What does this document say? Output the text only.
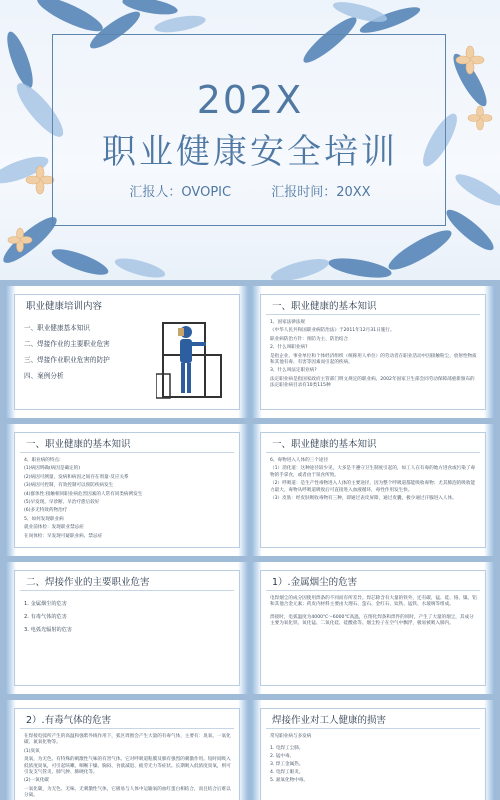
202X
职业健康安全培训
汇报人：OVOPIC	汇报时间：20XX
职业健康培训内容
一、职业健康基本知识
二、焊接作业的主要职业危害
三、焊接作业职业危害的防护
四、案例分析
一、职业健康的基本知识

1、国家法律法规

《中华人民共和国职业病防治法》于2011年12月31日施行。

职业病防治方针：预防为主、防治结合

2、什么叫职业病?

是指企业、事业单位和个体经济组织（统称用人单位）的劳动者在职业活动中因接触粉尘、放射性物质和其他有毒、有害等因素而引起的疾病。

3、什么叫法定职业病?

法定职业病是指国家政府主管部门明文规定的职业病。2002年国家卫生部会同劳动保障部重新颁布的法定职业病目录有10类115种

一、职业健康的基本知识

4、职业病的特点:

(1)病因明确(病因是确定的)

(2)病因可测量，发病和病因之间存在剂量-反应关系

(3)病因可控制，有效控制可以预防疾病发生

(4)群体性:接触相同职业病危害因素的人常有同类病例发生

(5)早发现、早诊断、早治疗愈后较好

(6)多无特效药物治疗

5、如何发现职业病

就业前体检：发现职业禁忌症

在岗体检：早发现可疑职业病、禁忌症

一、职业健康的基本知识

6、毒物进入人体的三个途径

（1）消化道：这种途径较少见，大多是不遵守卫生制度引起的，如工人在有毒的地方进食或污染了毒物的手拿食，或者由于误食所致。

（2）呼吸道：是生产性毒物进入人体的主要途径，因为整个呼吸道都能吸收毒物；尤其肺泡的吸收能力最大，毒物从呼吸道吸收后可直接进入血液循环，毒性作用发生快。

（3）皮肤：经皮肤吸收毒物有三种，即通过表皮屏障，通过皮囊，极少通过汗腺进入人体。

二、焊接作业的主要职业危害
1. 金属烟尘的危害
2. 有毒气体的危害
3. 电弧光辐射的危害
1）.金属烟尘的危害

电焊烟尘的成分因使用焊条的不同而有所差异。焊芯除含有大量的铁外，还有碳、锰、硅、铬、镍、铝和其他合金元素；药皮内材料主要由大理石、萤石、金红石、钛铁、锰铁、水玻璃等组成。

焊接时，电弧温度为4000℃～6000℃高温，在熔化焊条和焊件的同时，产生了大量的烟尘，其成分主要为氧化铁、氧化锰、二氧化硅、硅酸盐等。烟尘粒子在空气中飘浮，极易被吸入肺内。

2）.有毒气体的危害

在焊接电弧所产生的高温和强紫外线作用下，弧区周围会产生大量的有毒气体，主要有：臭氧、一氧化碳、氮氧化物等。

(1)臭氧

臭氧，为无色、有特殊的刺激性气味的有害气体。它对呼吸道粘膜及肺有强烈的刺激作用。短时间吸入低浓度臭氧，可引起咳嗽、咽喉干燥、胸闷、食欲减退、疲劳无力等症状。长期吸入低浓度臭氧，则可引发支气管炎、肺气肿、肺硬化等。

(2)一氧化碳

一氧化碳，为无色、无味、无刺激性气体，它极易与人体中运输氧的血红蛋白相结合，而且结合后难以分离。

焊接作业对工人健康的损害

常见职业病与多发病

1. 电焊工尘肺。
2. 锰中毒。
3. 焊工金属热。
4. 电焊工眼炎。
5. 氮氧化物中毒。
